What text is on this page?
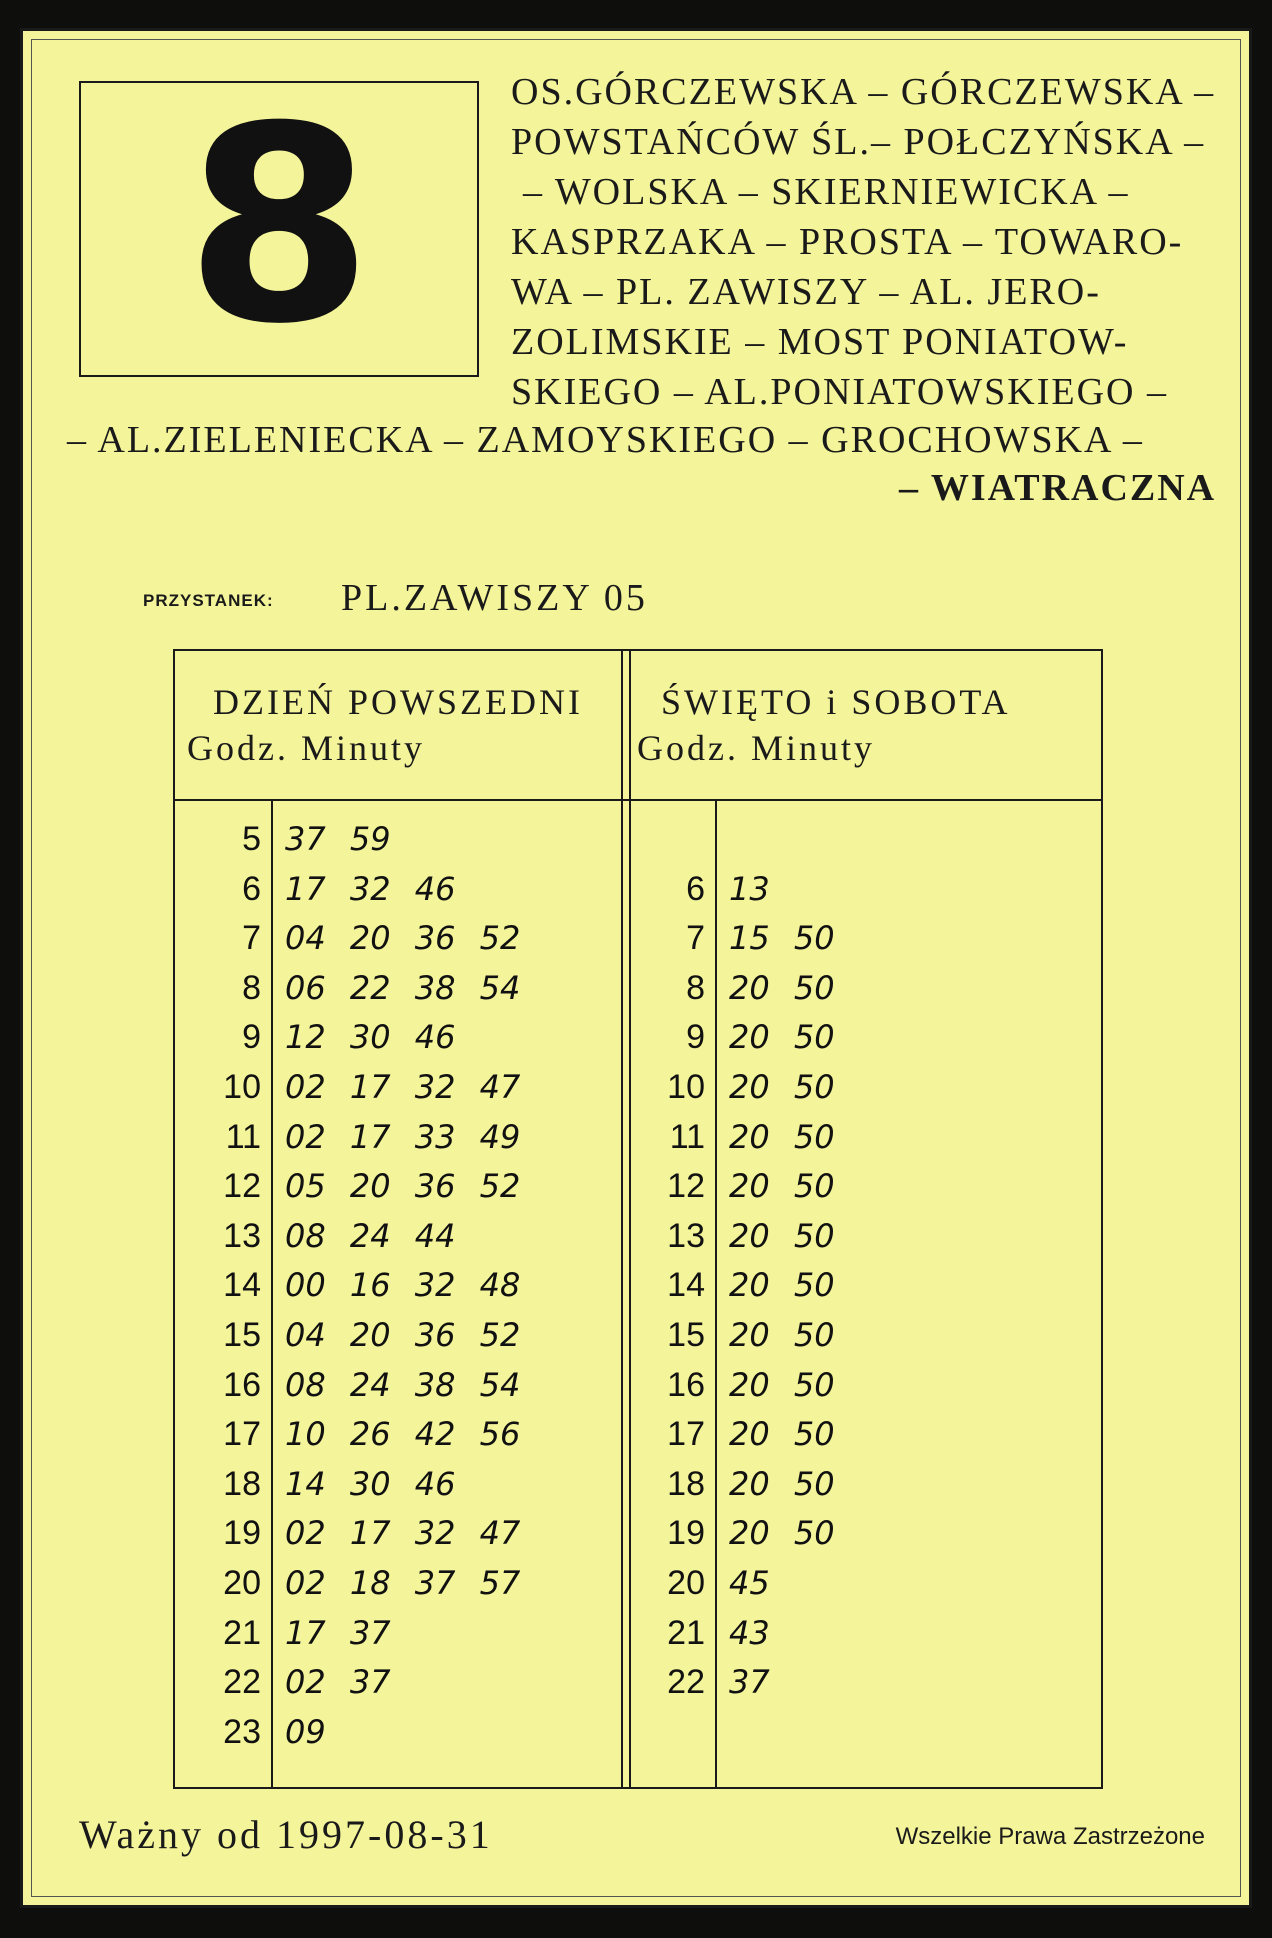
8	OS.GÓRCZEWSKA – GÓRCZEWSKA –
POWSTAŃCÓW ŚL.– POŁCZYŃSKA –
– WOLSKA – SKIERNIEWICKA –
KASPRZAKA – PROSTA – TOWARO-
WA – PL. ZAWISZY – AL. JERO-
ZOLIMSKIE – MOST PONIATOW-
SKIEGO – AL.PONIATOWSKIEGO –
– AL.ZIELENIECKA – ZAMOYSKIEGO – GROCHOWSKA –
– WIATRACZNA
PRZYSTANEK: PL.ZAWISZY 05
DZIEŃ POWSZEDNI
Godz. Minuty
ŚWIĘTO i SOBOTA
Godz. Minuty
5 37 59
6 17 32 46
7 04 20 36 52
8 06 22 38 54
9 12 30 46
10 02 17 32 47
11 02 17 33 49
12 05 20 36 52
13 08 24 44
14 00 16 32 48
15 04 20 36 52
16 08 24 38 54
17 10 26 42 56
18 14 30 46
19 02 17 32 47
20 02 18 37 57
21 17 37
22 02 37
23 09
6 13
7 15 50
8 20 50
9 20 50
10 20 50
11 20 50
12 20 50
13 20 50
14 20 50
15 20 50
16 20 50
17 20 50
18 20 50
19 20 50
20 45
21 43
22 37
Ważny od 1997-08-31	Wszelkie Prawa Zastrzeżone
